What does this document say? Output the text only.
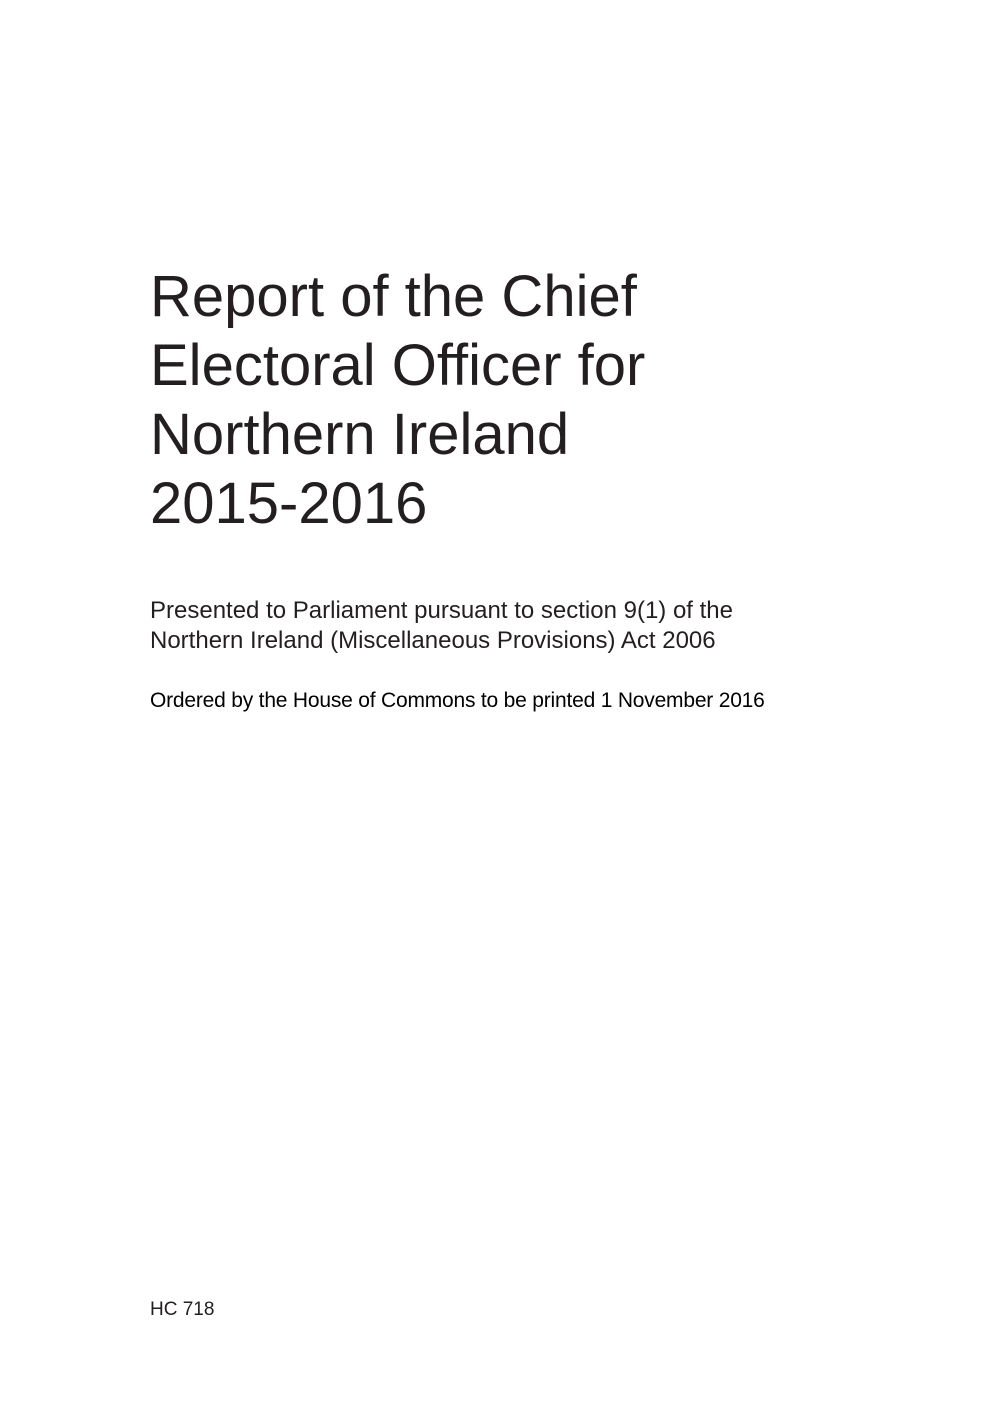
Report of the Chief
Electoral Officer for
Northern Ireland
2015-2016
Presented to Parliament pursuant to section 9(1) of the
Northern Ireland (Miscellaneous Provisions) Act 2006
Ordered by the House of Commons to be printed 1 November 2016
HC 718
